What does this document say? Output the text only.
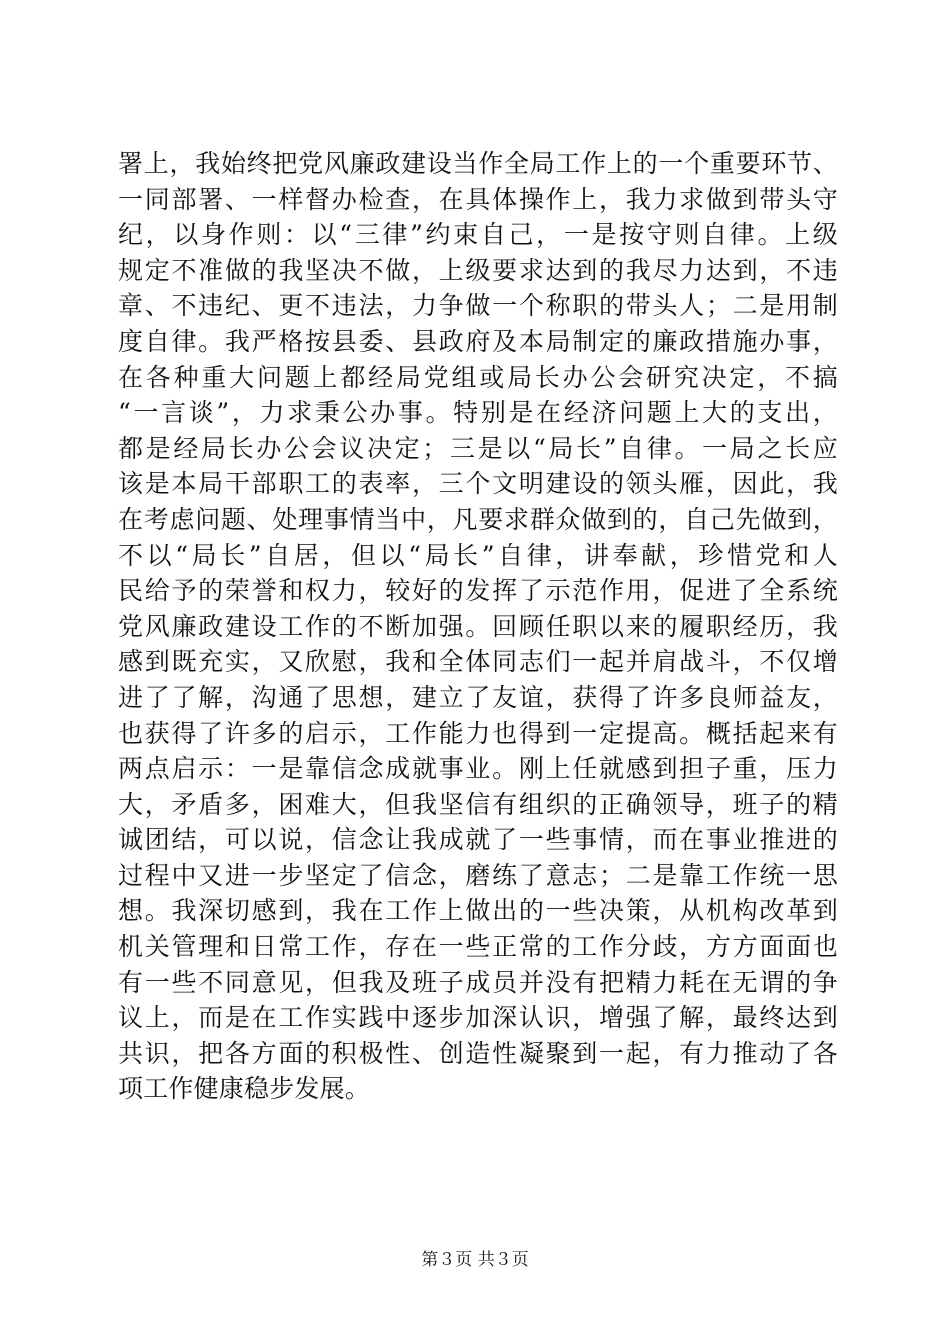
署上，我始终把党风廉政建设当作全局工作上的一个重要环节、
一同部署、一样督办检查，在具体操作上，我力求做到带头守
纪，以身作则：以“三律”约束自己，一是按守则自律。上级
规定不准做的我坚决不做，上级要求达到的我尽力达到，不违
章、不违纪、更不违法，力争做一个称职的带头人；二是用制
度自律。我严格按县委、县政府及本局制定的廉政措施办事，
在各种重大问题上都经局党组或局长办公会研究决定，不搞
“一言谈”，力求秉公办事。特别是在经济问题上大的支出，
都是经局长办公会议决定；三是以“局长”自律。一局之长应
该是本局干部职工的表率，三个文明建设的领头雁，因此，我
在考虑问题、处理事情当中，凡要求群众做到的，自己先做到，
不以“局长”自居，但以“局长”自律，讲奉献，珍惜党和人
民给予的荣誉和权力，较好的发挥了示范作用，促进了全系统
党风廉政建设工作的不断加强。回顾任职以来的履职经历，我
感到既充实，又欣慰，我和全体同志们一起并肩战斗，不仅增
进了了解，沟通了思想，建立了友谊，获得了许多良师益友，
也获得了许多的启示，工作能力也得到一定提高。概括起来有
两点启示：一是靠信念成就事业。刚上任就感到担子重，压力
大，矛盾多，困难大，但我坚信有组织的正确领导，班子的精
诚团结，可以说，信念让我成就了一些事情，而在事业推进的
过程中又进一步坚定了信念，磨练了意志；二是靠工作统一思
想。我深切感到，我在工作上做出的一些决策，从机构改革到
机关管理和日常工作，存在一些正常的工作分歧，方方面面也
有一些不同意见，但我及班子成员并没有把精力耗在无谓的争
议上，而是在工作实践中逐步加深认识，增强了解，最终达到
共识，把各方面的积极性、创造性凝聚到一起，有力推动了各
项工作健康稳步发展。
第３页 共３页
